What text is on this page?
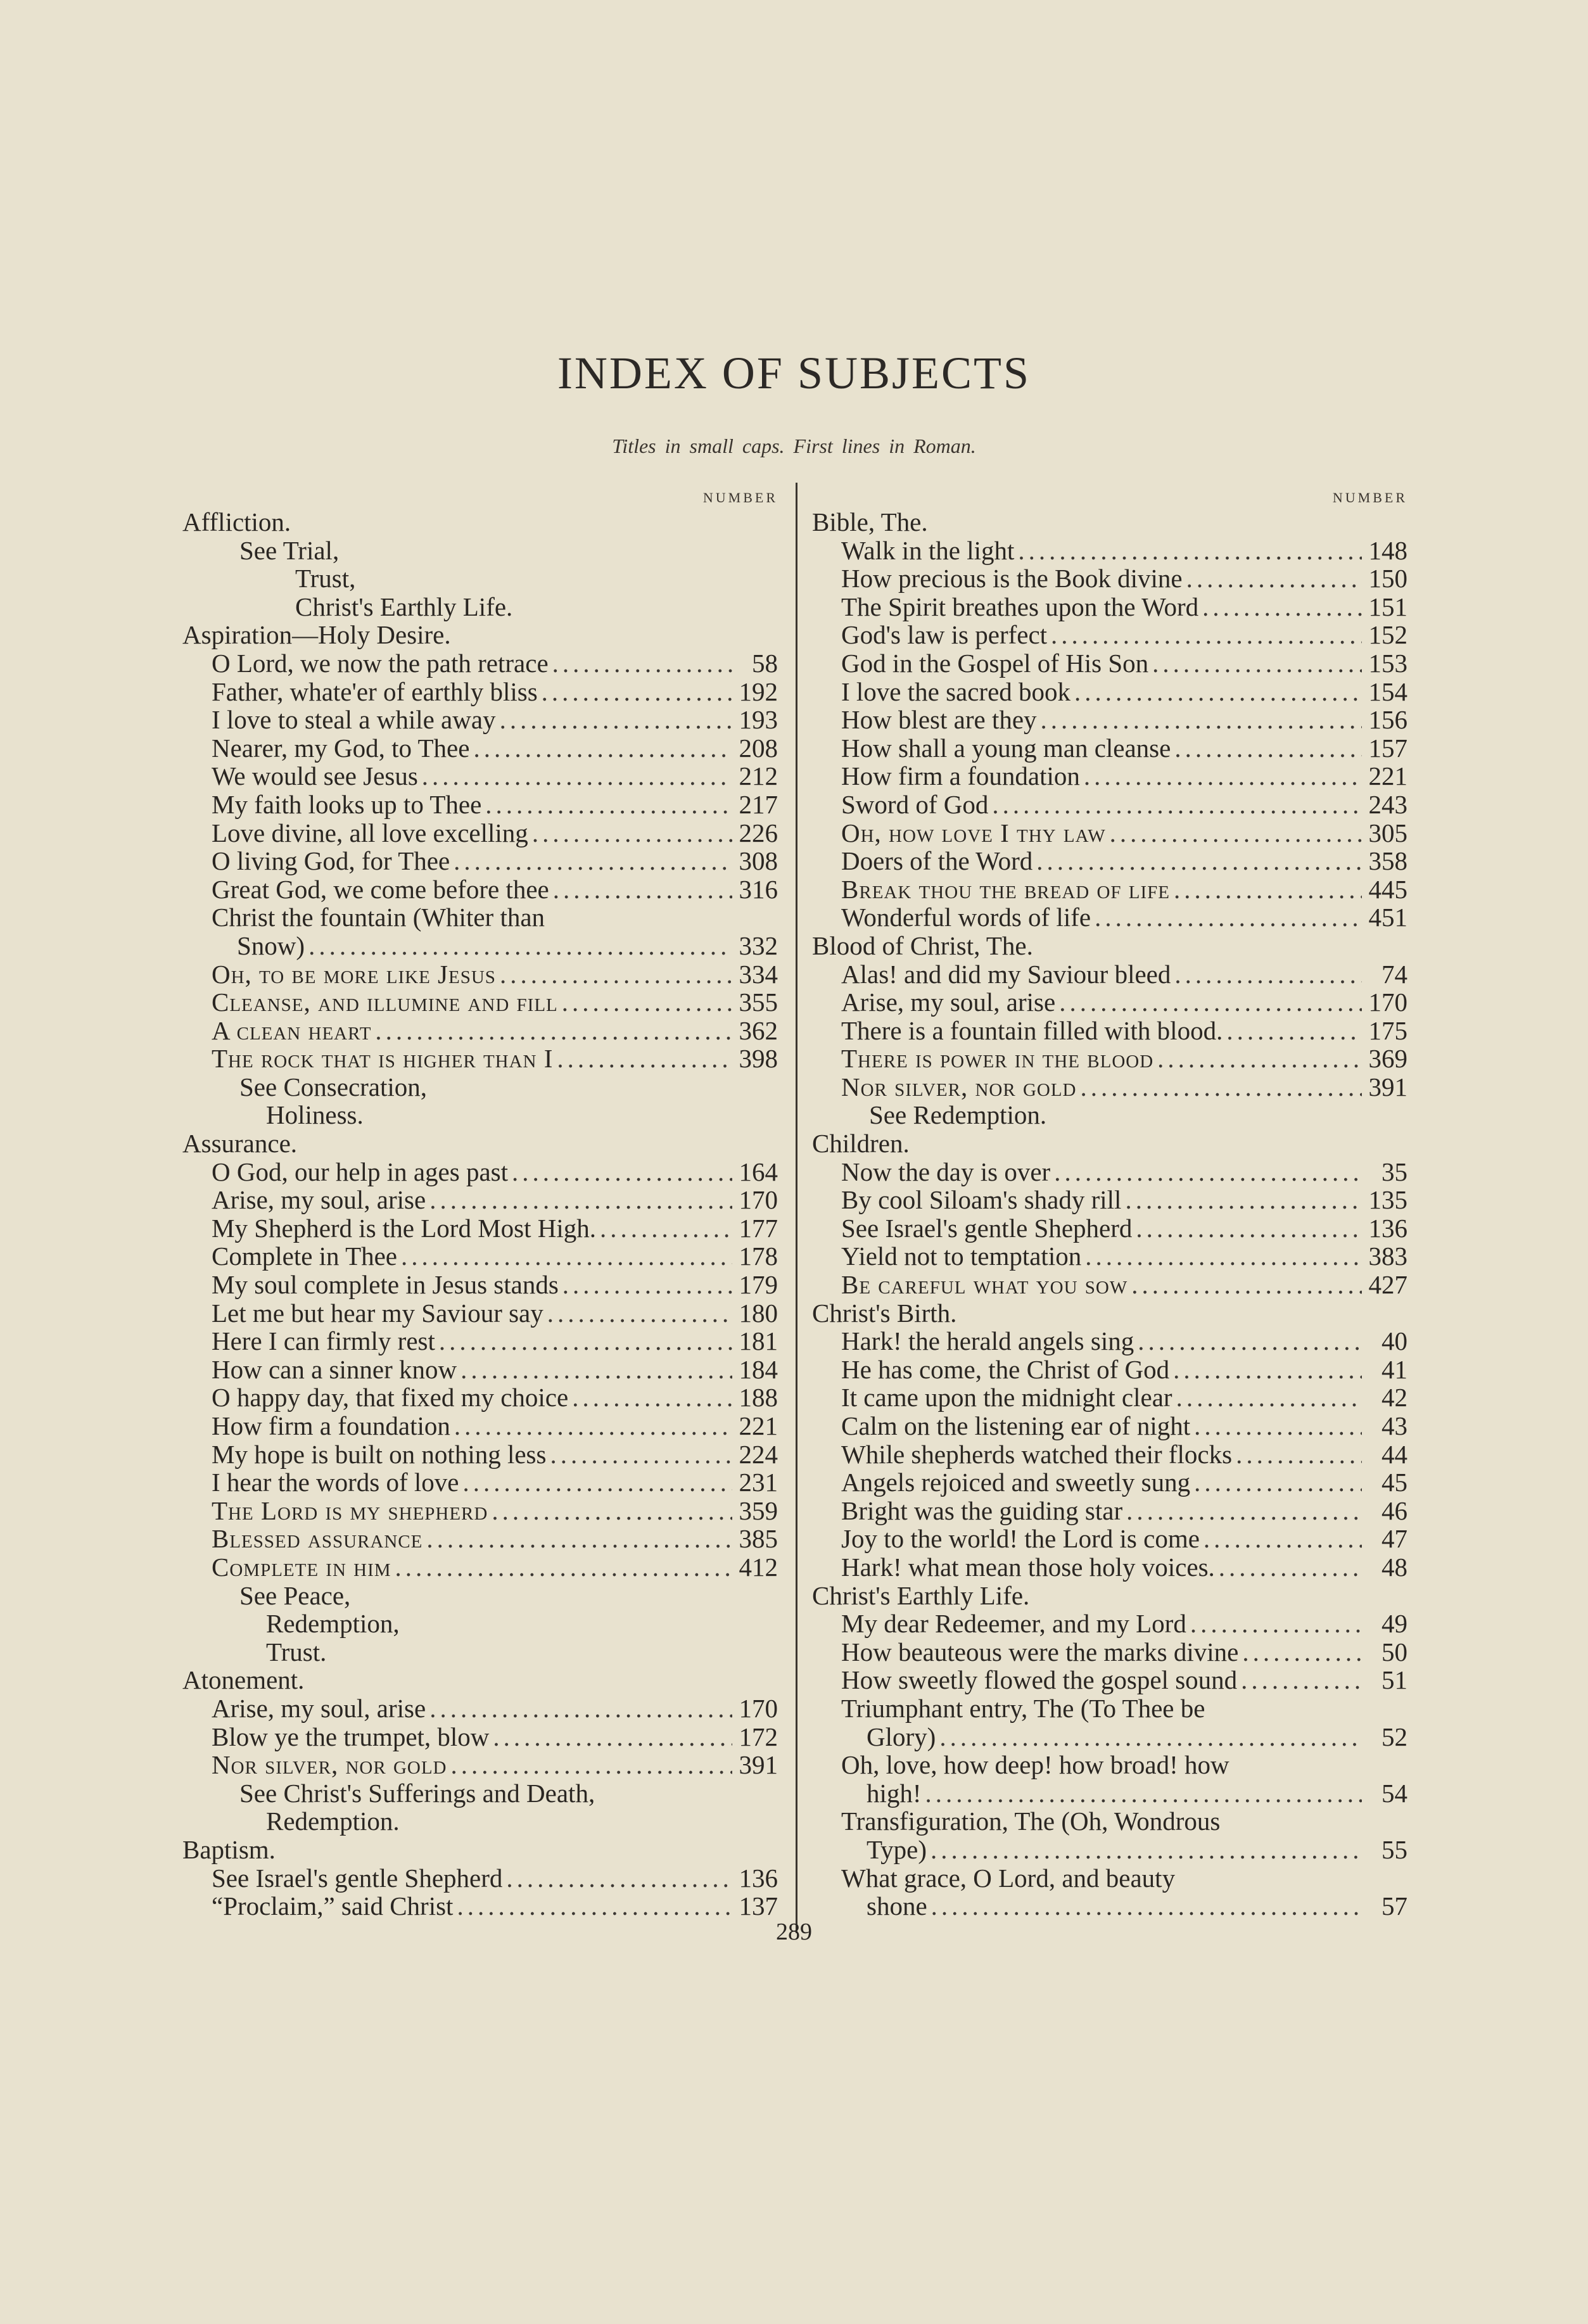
INDEX OF SUBJECTS
Titles in small caps. First lines in Roman.
NUMBER
Affliction.
See Trial,
Trust,
Christ's Earthly Life.
Aspiration—Holy Desire.
O Lord, we now the path retrace .....	58
Father, whate'er of earthly bliss .....	192
I love to steal a while away .....	193
Nearer, my God, to Thee .....	208
We would see Jesus .....	212
My faith looks up to Thee .....	217
Love divine, all love excelling .....	226
O living God, for Thee .....	308
Great God, we come before thee .....	316
Christ the fountain (Whiter than
Snow) .....	332
Oh, to be more like Jesus .....	334
Cleanse, and illumine and fill .....	355
A clean heart .....	362
The rock that is higher than I .....	398
See Consecration,
Holiness.
Assurance.
O God, our help in ages past .....	164
Arise, my soul, arise .....	170
My Shepherd is the Lord Most High. .....	177
Complete in Thee .....	178
My soul complete in Jesus stands .....	179
Let me but hear my Saviour say .....	180
Here I can firmly rest .....	181
How can a sinner know .....	184
O happy day, that fixed my choice .....	188
How firm a foundation .....	221
My hope is built on nothing less .....	224
I hear the words of love .....	231
The Lord is my shepherd .....	359
Blessed assurance .....	385
Complete in him .....	412
See Peace,
Redemption,
Trust.
Atonement.
Arise, my soul, arise .....	170
Blow ye the trumpet, blow .....	172
Nor silver, nor gold .....	391
See Christ's Sufferings and Death,
Redemption.
Baptism.
See Israel's gentle Shepherd .....	136
“Proclaim,” said Christ .....	137
NUMBER
Bible, The.
Walk in the light .....	148
How precious is the Book divine .....	150
The Spirit breathes upon the Word .....	151
God's law is perfect .....	152
God in the Gospel of His Son .....	153
I love the sacred book .....	154
How blest are they .....	156
How shall a young man cleanse .....	157
How firm a foundation .....	221
Sword of God .....	243
Oh, how love I thy law .....	305
Doers of the Word .....	358
Break thou the bread of life .....	445
Wonderful words of life .....	451
Blood of Christ, The.
Alas! and did my Saviour bleed .....	74
Arise, my soul, arise .....	170
There is a fountain filled with blood. .....	175
There is power in the blood .....	369
Nor silver, nor gold .....	391
See Redemption.
Children.
Now the day is over .....	35
By cool Siloam's shady rill .....	135
See Israel's gentle Shepherd .....	136
Yield not to temptation .....	383
Be careful what you sow .....	427
Christ's Birth.
Hark! the herald angels sing .....	40
He has come, the Christ of God .....	41
It came upon the midnight clear .....	42
Calm on the listening ear of night .....	43
While shepherds watched their flocks .....	44
Angels rejoiced and sweetly sung .....	45
Bright was the guiding star .....	46
Joy to the world! the Lord is come .....	47
Hark! what mean those holy voices. .....	48
Christ's Earthly Life.
My dear Redeemer, and my Lord .....	49
How beauteous were the marks divine .....	50
How sweetly flowed the gospel sound .....	51
Triumphant entry, The (To Thee be
Glory) .....	52
Oh, love, how deep! how broad! how
high! .....	54
Transfiguration, The (Oh, Wondrous
Type) .....	55
What grace, O Lord, and beauty
shone .....	57
289
